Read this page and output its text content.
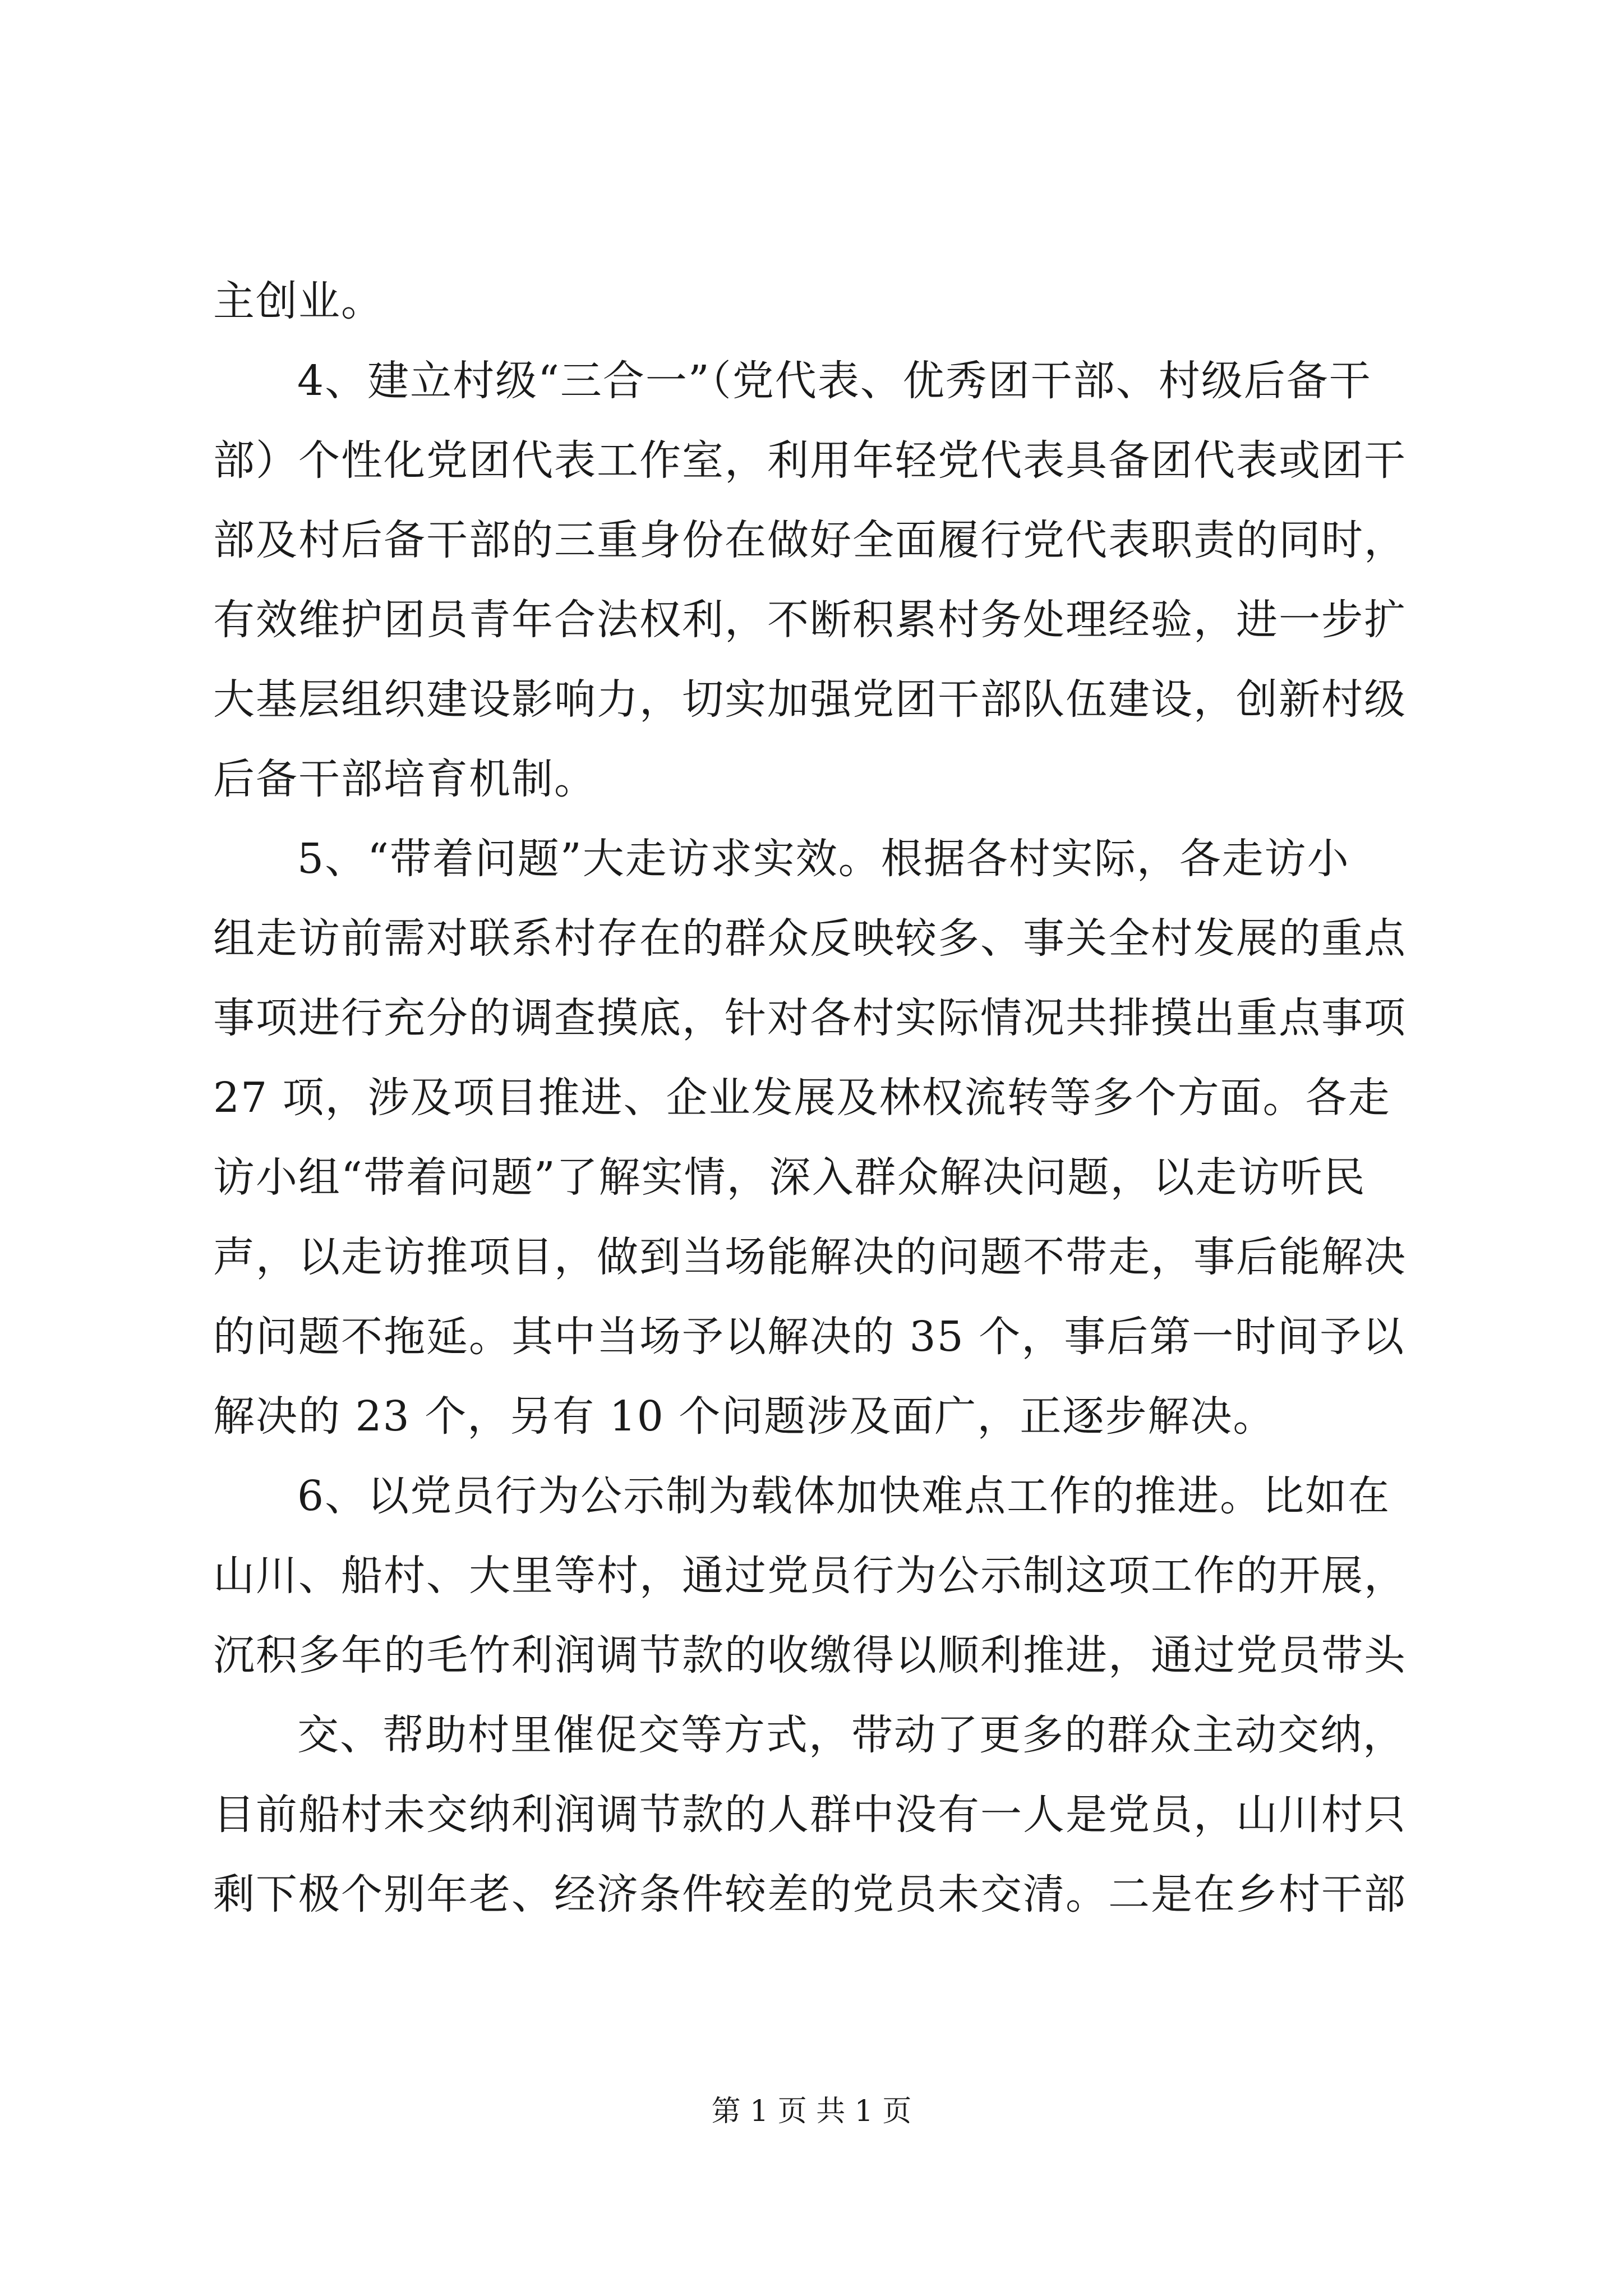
主创业。
4、建立村级“三合一”（党代表、优秀团干部、村级后备干
部）个性化党团代表工作室，利用年轻党代表具备团代表或团干
部及村后备干部的三重身份在做好全面履行党代表职责的同时，
有效维护团员青年合法权利，不断积累村务处理经验，进一步扩
大基层组织建设影响力，切实加强党团干部队伍建设，创新村级
后备干部培育机制。
5、“带着问题”大走访求实效。根据各村实际，各走访小
组走访前需对联系村存在的群众反映较多、事关全村发展的重点
事项进行充分的调查摸底，针对各村实际情况共排摸出重点事项
27 项，涉及项目推进、企业发展及林权流转等多个方面。各走
访小组“带着问题”了解实情，深入群众解决问题，以走访听民
声，以走访推项目，做到当场能解决的问题不带走，事后能解决
的问题不拖延。其中当场予以解决的 35 个，事后第一时间予以
解决的 23 个，另有 10 个问题涉及面广，正逐步解决。
6、以党员行为公示制为载体加快难点工作的推进。比如在
山川、船村、大里等村，通过党员行为公示制这项工作的开展，
沉积多年的毛竹利润调节款的收缴得以顺利推进，通过党员带头
交、帮助村里催促交等方式，带动了更多的群众主动交纳，
目前船村未交纳利润调节款的人群中没有一人是党员，山川村只
剩下极个别年老、经济条件较差的党员未交清。二是在乡村干部
第 1 页 共 1 页
